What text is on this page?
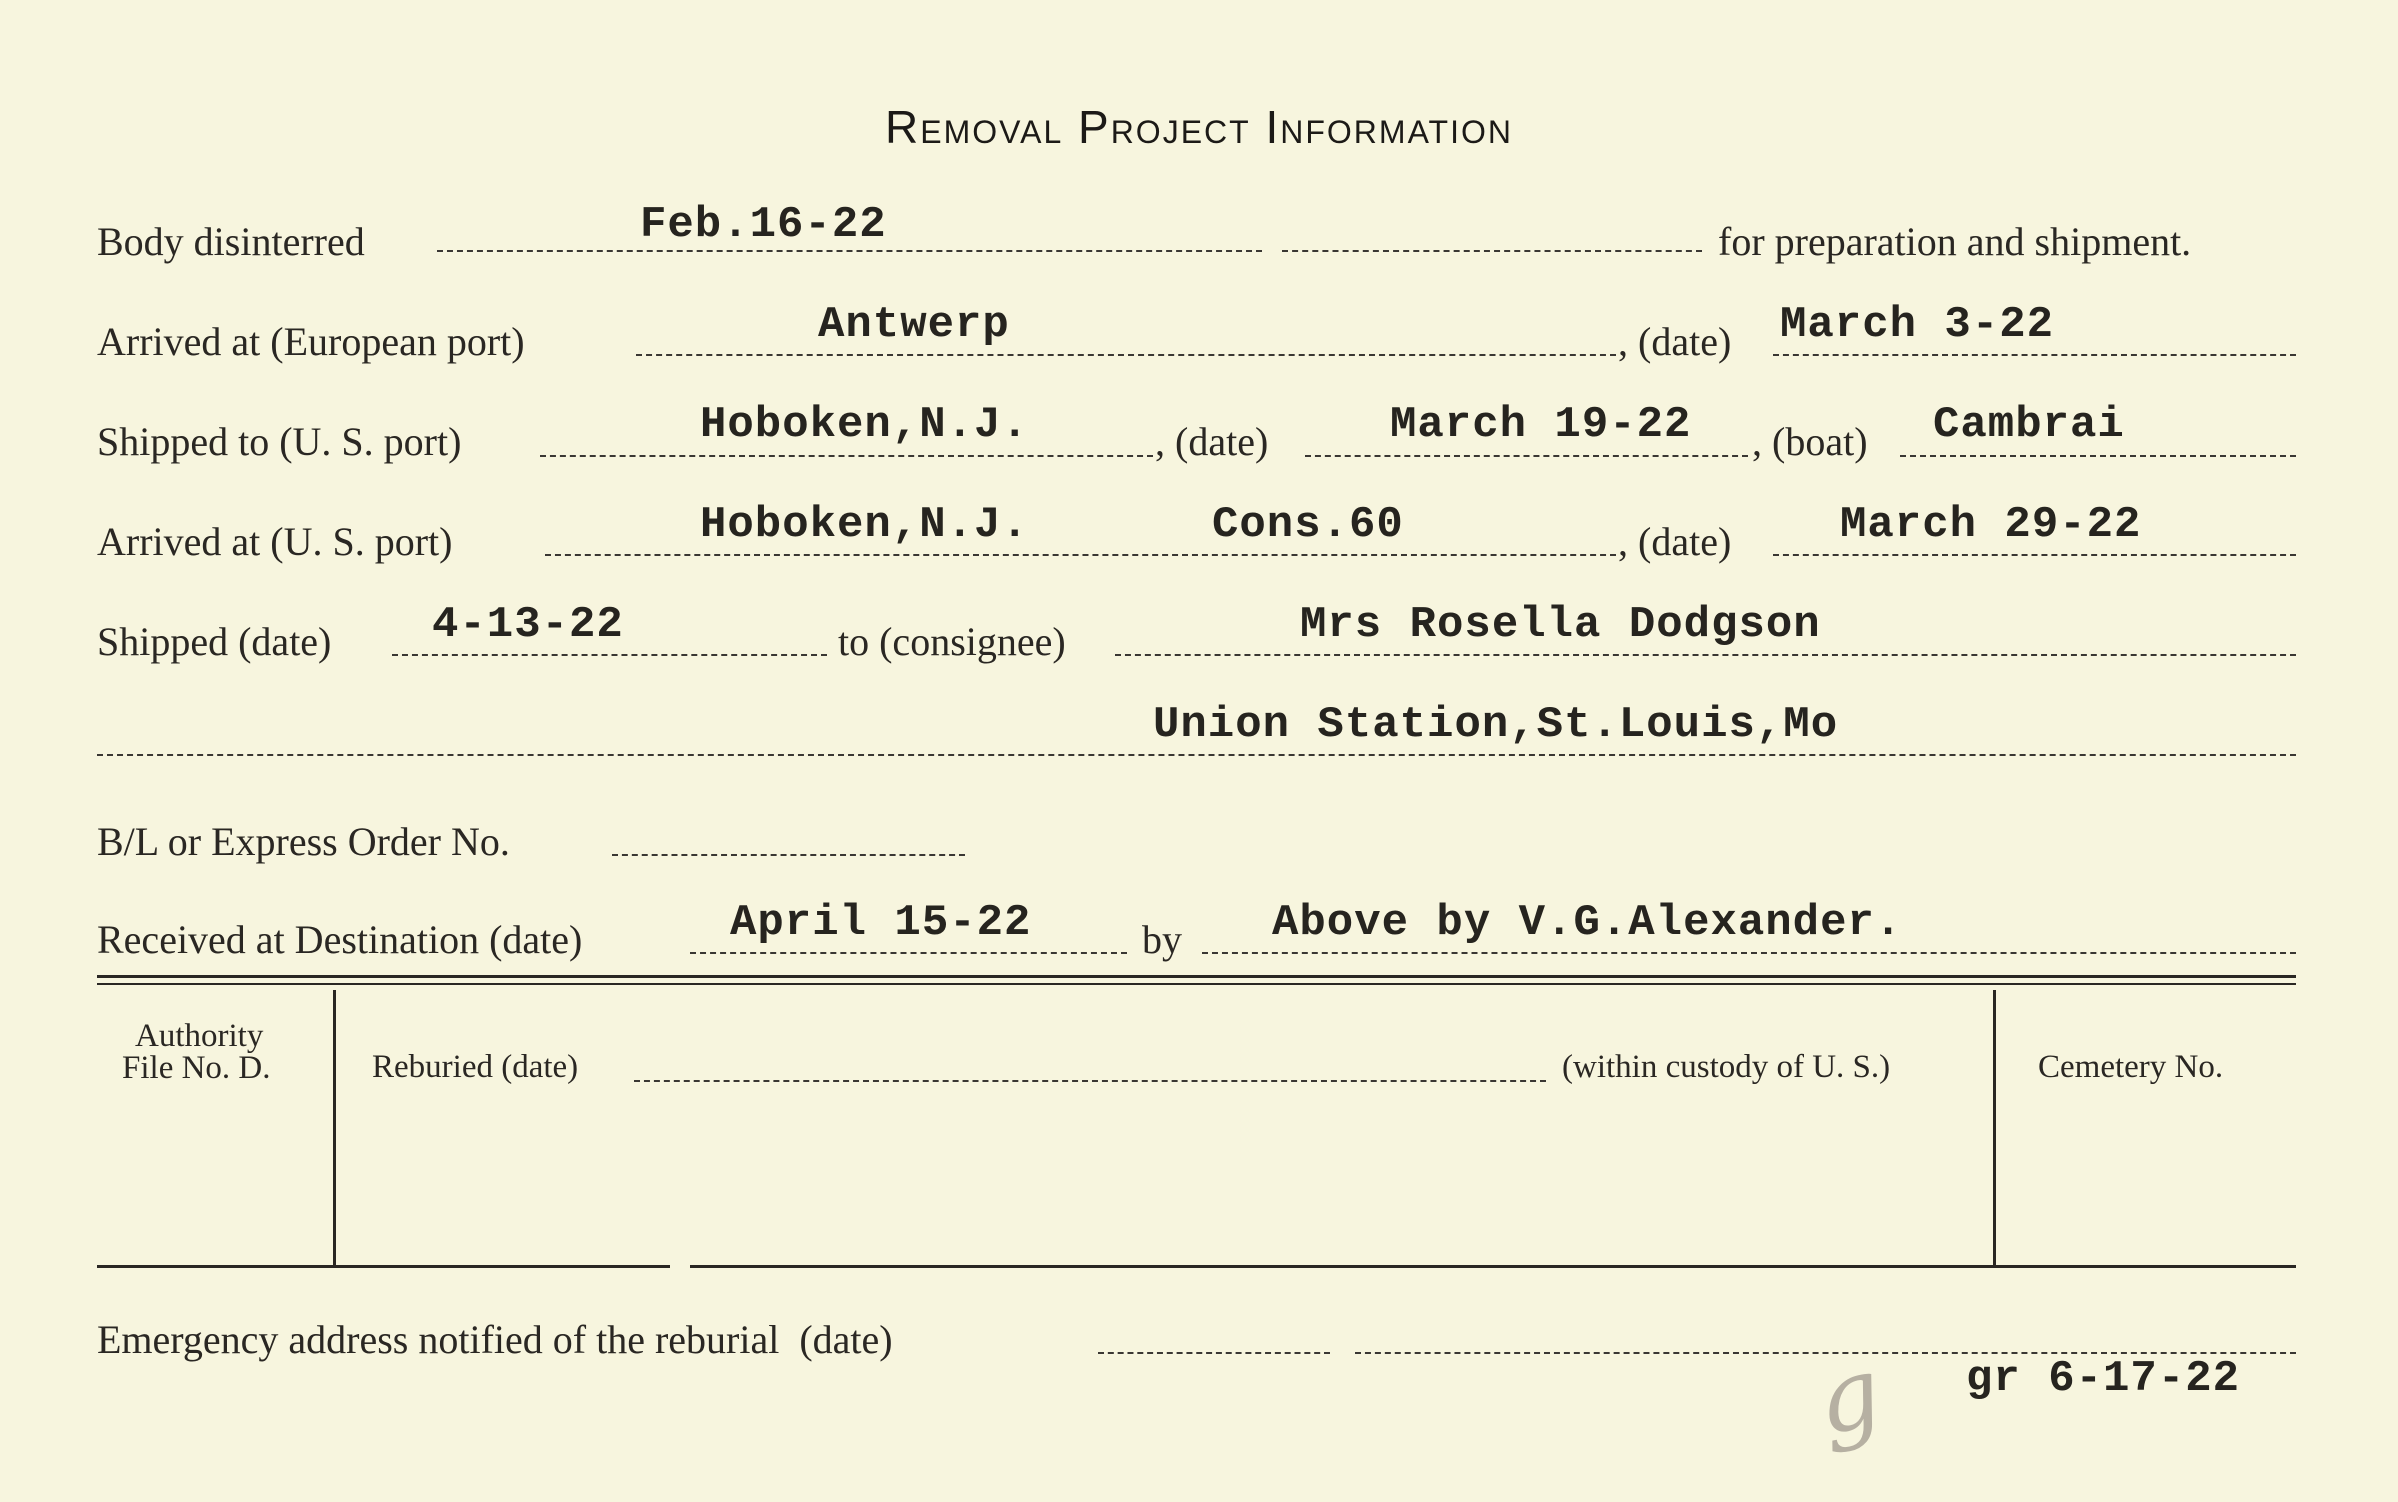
Removal Project Information
Body disinterred	Feb.16-22	for preparation and shipment.
Arrived at (European port)	Antwerp	, (date) March 3-22
Shipped to (U. S. port)	Hoboken,N.J.	, (date)	March 19-22 , (boat) Cambrai
Arrived at (U. S. port)	Hoboken,N.J.	Cons.60	, (date) March 29-22
Shipped (date) 4-13-22	to (consignee)	Mrs Rosella Dodgson
Union Station,St.Louis,Mo
B/L or Express Order No.
Received at Destination (date)	April 15-22	by Above by V.G.Alexander.
Authority
File No. D.	Reburied (date)	(within custody of U. S.)	Cemetery No.
Emergency address notified of the reburial  (date)
gr 6-17-22
g
